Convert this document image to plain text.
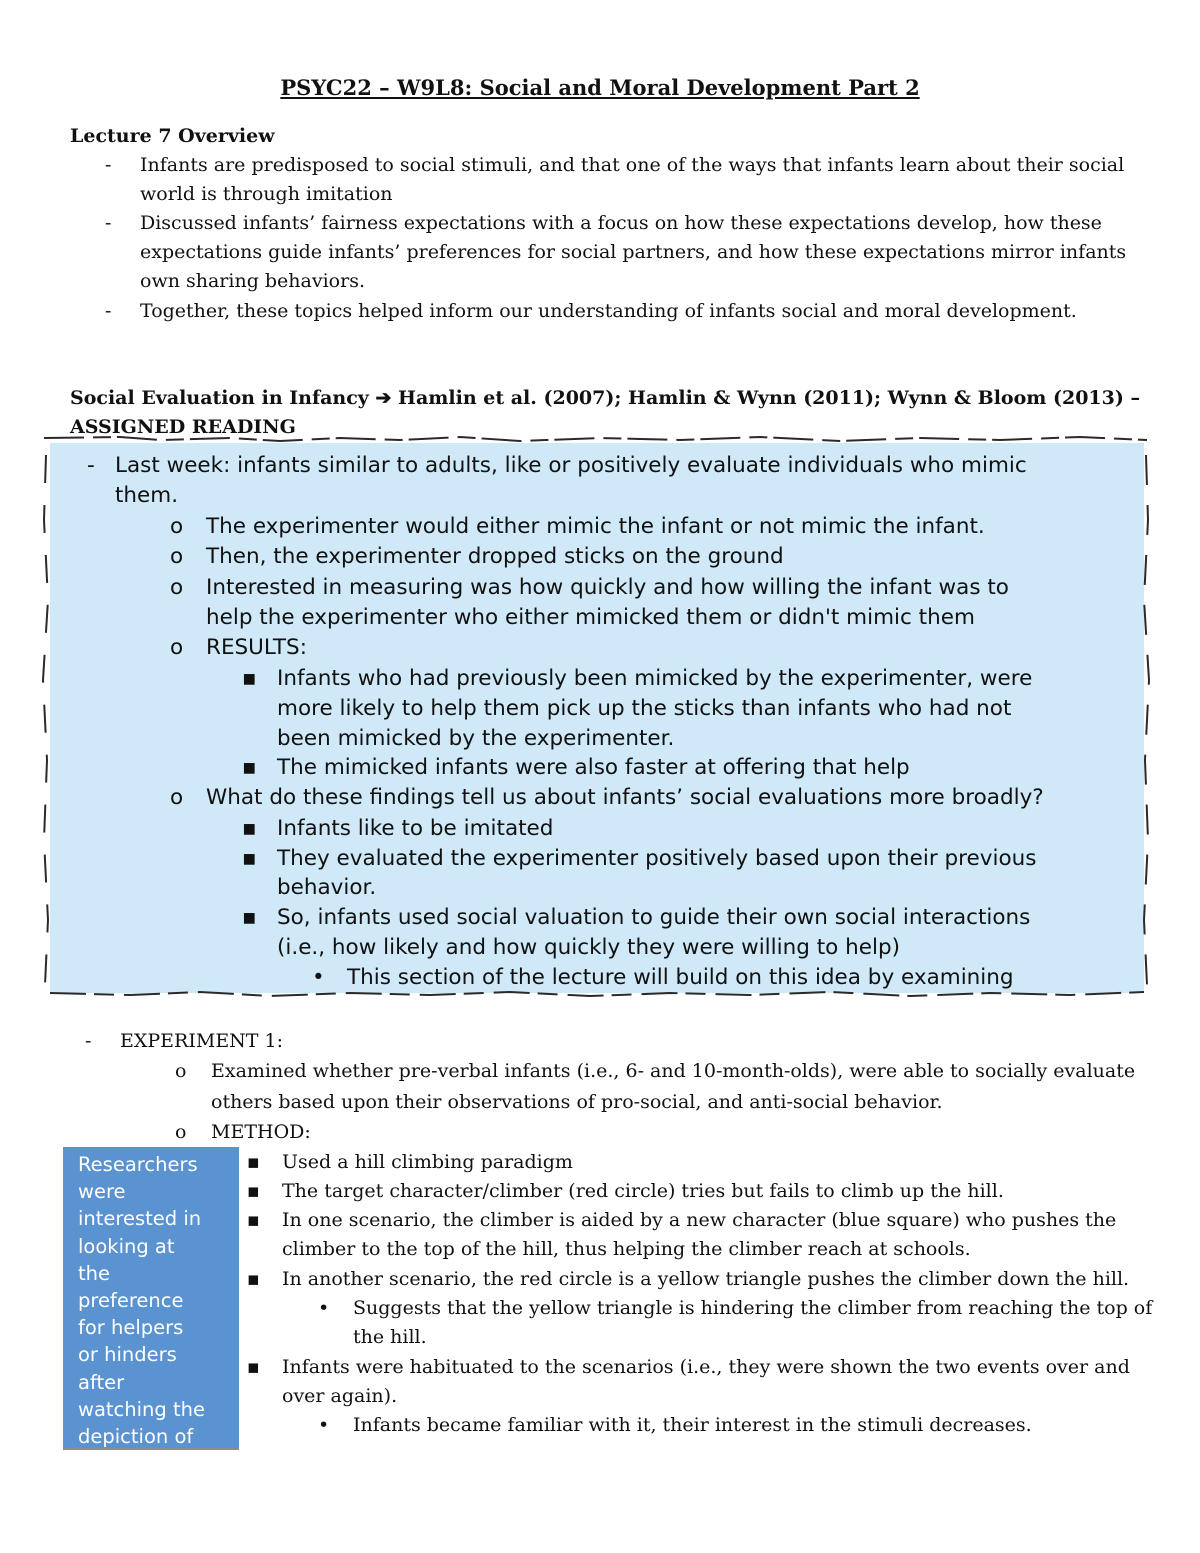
PSYC22 – W9L8: Social and Moral Development Part 2
Lecture 7 Overview
- Infants are predisposed to social stimuli, and that one of the ways that infants learn about their social
world is through imitation
- Discussed infants’ fairness expectations with a focus on how these expectations develop, how these
expectations guide infants’ preferences for social partners, and how these expectations mirror infants
own sharing behaviors.
- Together, these topics helped inform our understanding of infants social and moral development.
Social Evaluation in Infancy ➔ Hamlin et al. (2007); Hamlin & Wynn (2011); Wynn & Bloom (2013) –
ASSIGNED READING
- Last week: infants similar to adults, like or positively evaluate individuals who mimic
them.
o The experimenter would either mimic the infant or not mimic the infant.
o Then, the experimenter dropped sticks on the ground
o Interested in measuring was how quickly and how willing the infant was to
help the experimenter who either mimicked them or didn't mimic them
o RESULTS:
▪ Infants who had previously been mimicked by the experimenter, were
more likely to help them pick up the sticks than infants who had not
been mimicked by the experimenter.
▪ The mimicked infants were also faster at offering that help
o What do these findings tell us about infants’ social evaluations more broadly?
▪ Infants like to be imitated
▪ They evaluated the experimenter positively based upon their previous
behavior.
▪ So, infants used social valuation to guide their own social interactions
(i.e., how likely and how quickly they were willing to help)
• This section of the lecture will build on this idea by examining
- EXPERIMENT 1:
o Examined whether pre-verbal infants (i.e., 6- and 10-month-olds), were able to socially evaluate
others based upon their observations of pro-social, and anti-social behavior.
o METHOD:
▪ Used a hill climbing paradigm
▪ The target character/climber (red circle) tries but fails to climb up the hill.
▪ In one scenario, the climber is aided by a new character (blue square) who pushes the
climber to the top of the hill, thus helping the climber reach at schools.
▪ In another scenario, the red circle is a yellow triangle pushes the climber down the hill.
• Suggests that the yellow triangle is hindering the climber from reaching the top of
the hill.
▪ Infants were habituated to the scenarios (i.e., they were shown the two events over and
over again).
• Infants became familiar with it, their interest in the stimuli decreases.
Researchers
were
interested in
looking at
the
preference
for helpers
or hinders
after
watching the
depiction of
